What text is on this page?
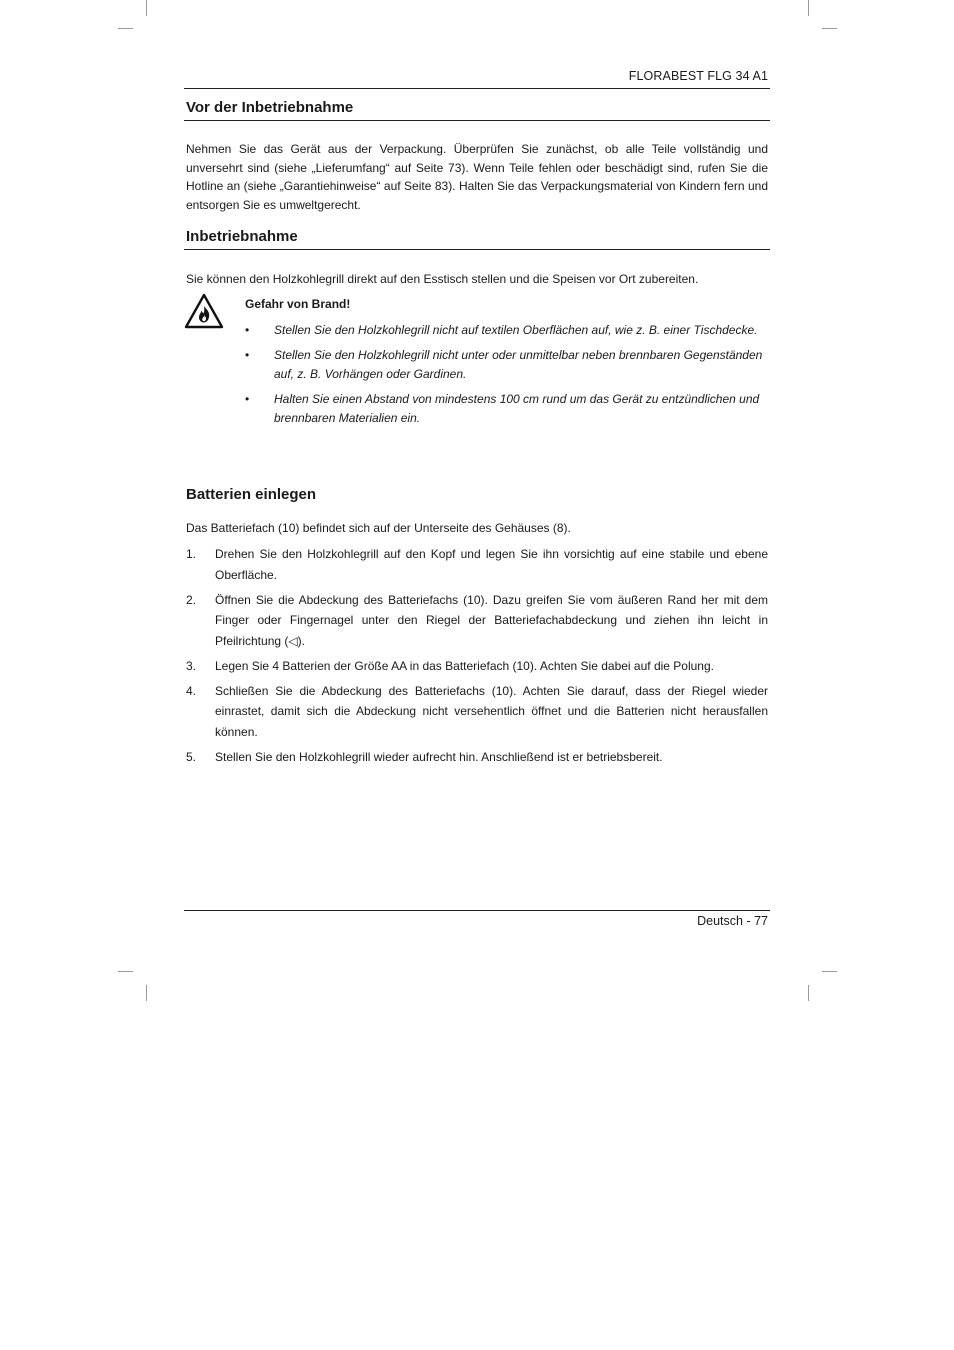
FLORABEST FLG 34 A1
Vor der Inbetriebnahme

Nehmen Sie das Gerät aus der Verpackung. Überprüfen Sie zunächst, ob alle Teile vollständig und unversehrt sind (siehe „Lieferumfang“ auf Seite 73). Wenn Teile fehlen oder beschädigt sind, rufen Sie die Hotline an (siehe „Garantiehinweise“ auf Seite 83). Halten Sie das Verpackungsmaterial von Kindern fern und entsorgen Sie es umweltgerecht.

Inbetriebnahme

Sie können den Holzkohlegrill direkt auf den Esstisch stellen und die Speisen vor Ort zubereiten.

Gefahr von Brand!
• Stellen Sie den Holzkohlegrill nicht auf textilen Oberflächen auf, wie z. B. einer Tischdecke.
• Stellen Sie den Holzkohlegrill nicht unter oder unmittelbar neben brennbaren Gegenständen auf, z. B. Vorhängen oder Gardinen.
• Halten Sie einen Abstand von mindestens 100 cm rund um das Gerät zu entzündlichen und brennbaren Materialien ein.
Batterien einlegen

Das Batteriefach (10) befindet sich auf der Unterseite des Gehäuses (8).

1. Drehen Sie den Holzkohlegrill auf den Kopf und legen Sie ihn vorsichtig auf eine stabile und ebene Oberfläche.
2. Öffnen Sie die Abdeckung des Batteriefachs (10). Dazu greifen Sie vom äußeren Rand her mit dem Finger oder Fingernagel unter den Riegel der Batteriefachabdeckung und ziehen ihn leicht in Pfeilrichtung (◁).
3. Legen Sie 4 Batterien der Größe AA in das Batteriefach (10). Achten Sie dabei auf die Polung.
4. Schließen Sie die Abdeckung des Batteriefachs (10). Achten Sie darauf, dass der Riegel wieder einrastet, damit sich die Abdeckung nicht versehentlich öffnet und die Batterien nicht herausfallen können.
5. Stellen Sie den Holzkohlegrill wieder aufrecht hin. Anschließend ist er betriebsbereit.
Deutsch - 77
